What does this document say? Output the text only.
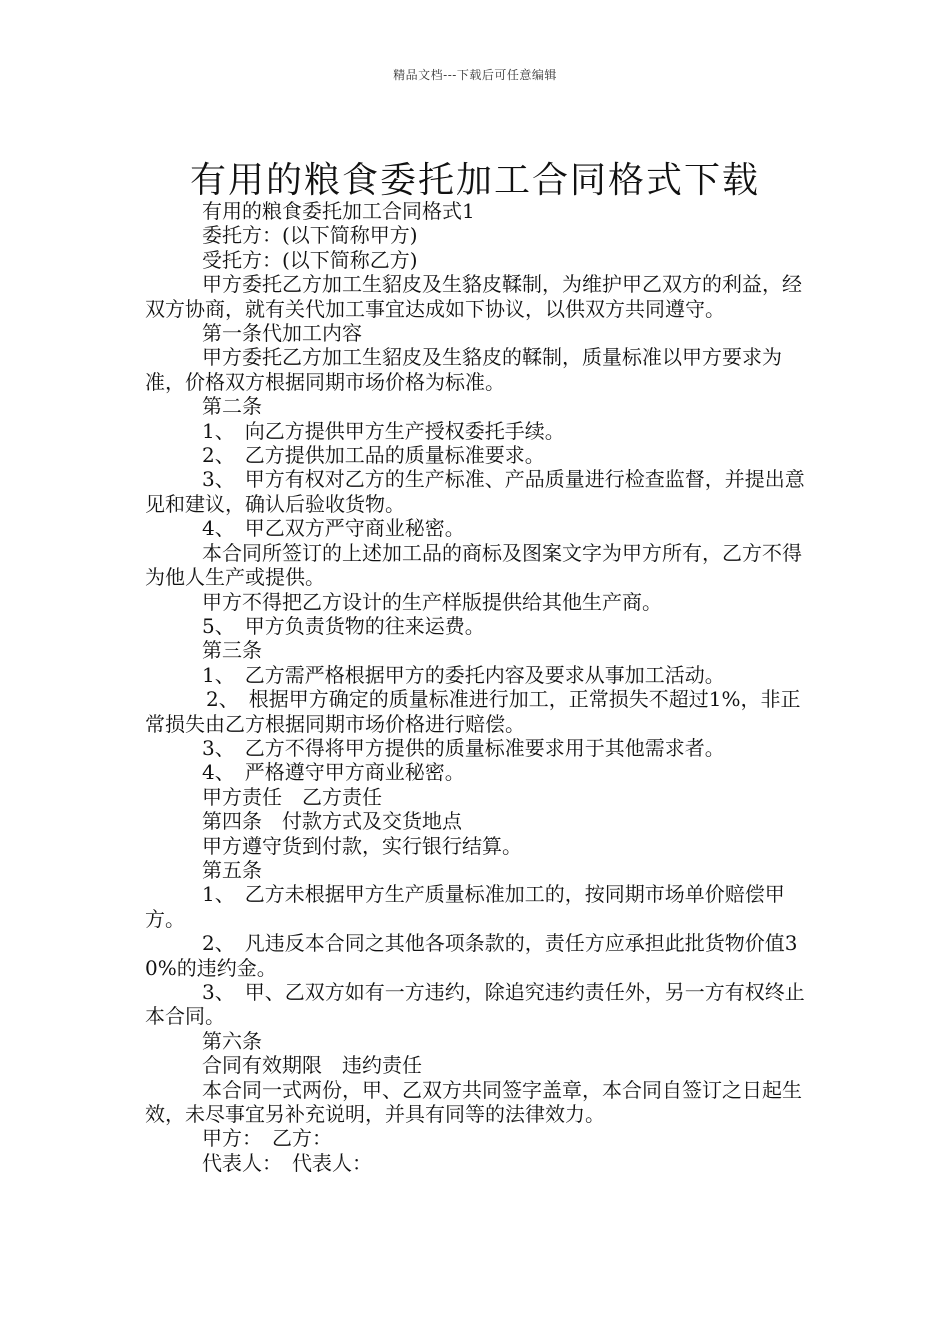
精品文档---下载后可任意编辑
有用的粮食委托加工合同格式下载

有用的粮食委托加工合同格式1

委托方：(以下简称甲方)

受托方：(以下简称乙方)

甲方委托乙方加工生貂皮及生貉皮鞣制，为维护甲乙双方的利益，经双方协商，就有关代加工事宜达成如下协议，以供双方共同遵守。

第一条代加工内容

甲方委托乙方加工生貂皮及生貉皮的鞣制，质量标准以甲方要求为准，价格双方根据同期市场价格为标准。

第二条

1、　向乙方提供甲方生产授权委托手续。

2、　乙方提供加工品的质量标准要求。

3、　甲方有权对乙方的生产标准、产品质量进行检查监督，并提出意见和建议，确认后验收货物。

4、　甲乙双方严守商业秘密。

本合同所签订的上述加工品的商标及图案文字为甲方所有，乙方不得为他人生产或提供。

甲方不得把乙方设计的生产样版提供给其他生产商。

5、　甲方负责货物的往来运费。

第三条

1、　乙方需严格根据甲方的委托内容及要求从事加工活动。

2、　根据甲方确定的质量标准进行加工，正常损失不超过1%，非正常损失由乙方根据同期市场价格进行赔偿。

3、　乙方不得将甲方提供的质量标准要求用于其他需求者。

4、　严格遵守甲方商业秘密。

甲方责任　乙方责任

第四条　付款方式及交货地点

甲方遵守货到付款，实行银行结算。

第五条

1、　乙方未根据甲方生产质量标准加工的，按同期市场单价赔偿甲方。

2、　凡违反本合同之其他各项条款的，责任方应承担此批货物价值30%的违约金。

3、　甲、乙双方如有一方违约，除追究违约责任外，另一方有权终止本合同。

第六条

合同有效期限　违约责任

本合同一式两份，甲、乙双方共同签字盖章，本合同自签订之日起生效，未尽事宜另补充说明，并具有同等的法律效力。

甲方：　乙方：

代表人：　代表人：
